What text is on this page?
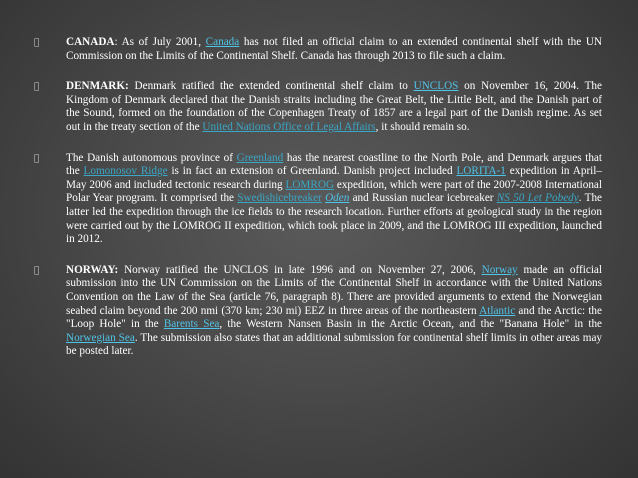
CANADA: As of July 2001, Canada has not filed an official claim to an extended continental shelf with the UN Commission on the Limits of the Continental Shelf. Canada has through 2013 to file such a claim.
DENMARK: Denmark ratified the extended continental shelf claim to UNCLOS on November 16, 2004. The Kingdom of Denmark declared that the Danish straits including the Great Belt, the Little Belt, and the Danish part of the Sound, formed on the foundation of the Copenhagen Treaty of 1857 are a legal part of the Danish regime. As set out in the treaty section of the United Nations Office of Legal Affairs, it should remain so.
The Danish autonomous province of Greenland has the nearest coastline to the North Pole, and Denmark argues that the Lomonosov Ridge is in fact an extension of Greenland. Danish project included LORITA-1 expedition in April–May 2006 and included tectonic research during LOMROG expedition, which were part of the 2007-2008 International Polar Year program. It comprised the Swedishicebreaker Oden and Russian nuclear icebreaker NS 50 Let Pobedy. The latter led the expedition through the ice fields to the research location. Further efforts at geological study in the region were carried out by the LOMROG II expedition, which took place in 2009, and the LOMROG III expedition, launched in 2012.
NORWAY: Norway ratified the UNCLOS in late 1996 and on November 27, 2006, Norway made an official submission into the UN Commission on the Limits of the Continental Shelf in accordance with the United Nations Convention on the Law of the Sea (article 76, paragraph 8). There are provided arguments to extend the Norwegian seabed claim beyond the 200 nmi (370 km; 230 mi) EEZ in three areas of the northeastern Atlantic and the Arctic: the "Loop Hole" in the Barents Sea, the Western Nansen Basin in the Arctic Ocean, and the "Banana Hole" in the Norwegian Sea. The submission also states that an additional submission for continental shelf limits in other areas may be posted later.
